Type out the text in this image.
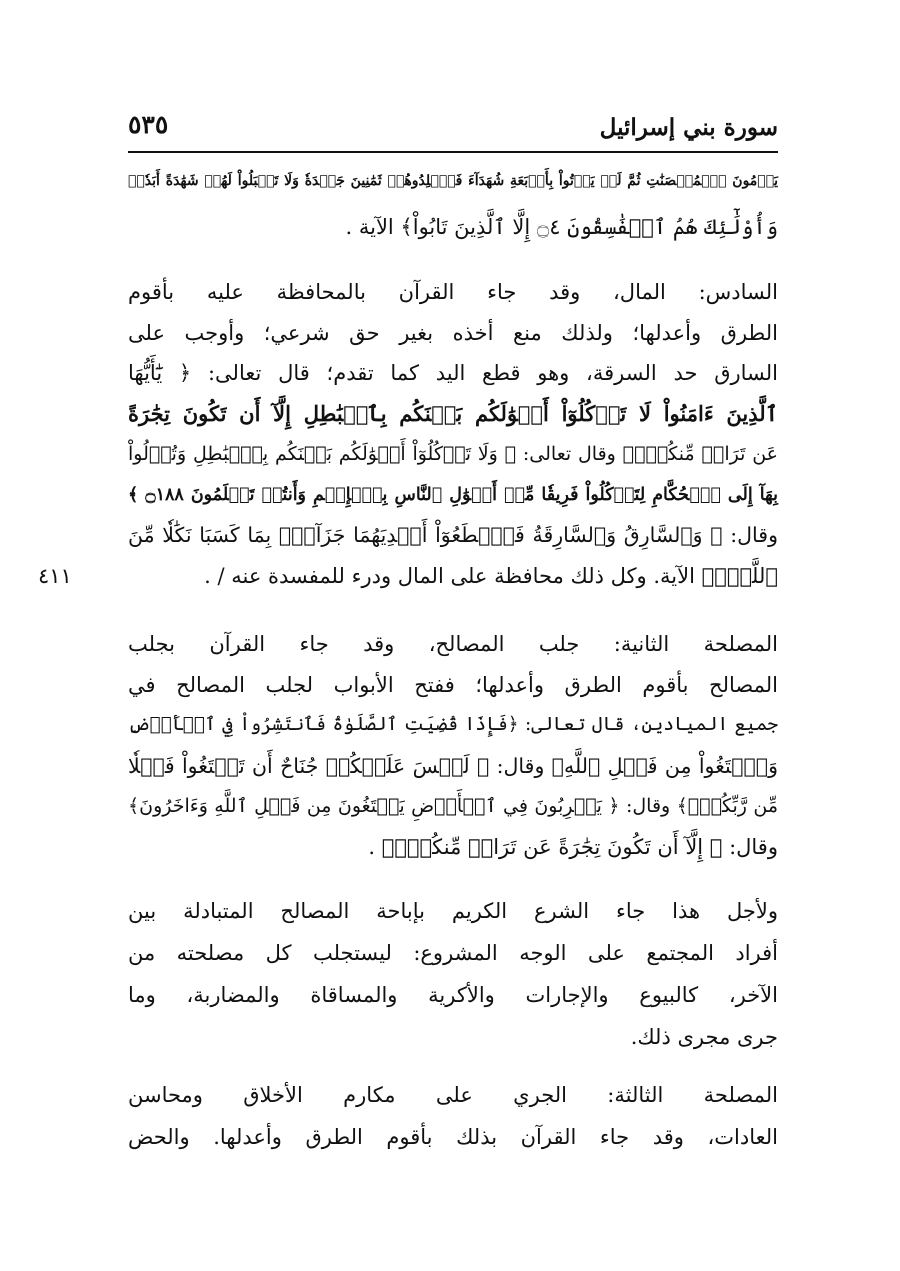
سورة بني إسرائيل
٥٣٥
٤١١
يَرۡمُونَ ٱلۡمُحۡصَنَٰتِ ثُمَّ لَمۡ يَأۡتُواْ بِأَرۡبَعَةِ شُهَدَآءَ فَٱجۡلِدُوهُمۡ ثَمَٰنِينَ جَلۡدَةٗ وَلَا تَقۡبَلُواْ لَهُمۡ شَهَٰدَةً أَبَدٗاۚ
وَأُوْلَٰٓئِكَ هُمُ ٱلۡفَٰسِقُونَ ۝٤ إِلَّا ٱلَّذِينَ تَابُواْ﴾ الآية .
السادس: المال، وقد جاء القرآن بالمحافظة عليه بأقوم
الطرق وأعدلها؛ ولذلك منع أخذه بغير حق شرعي؛ وأوجب على
السارق حد السرقة، وهو قطع اليد كما تقدم؛ قال تعالى: ﴿ يَٰٓأَيُّهَا
ٱلَّذِينَ ءَامَنُواْ لَا تَأۡكُلُوٓاْ أَمۡوَٰلَكُم بَيۡنَكُم بِٱلۡبَٰطِلِ إِلَّآ أَن تَكُونَ تِجَٰرَةً
عَن تَرَاضٖ مِّنكُمۡۚ﴾ وقال تعالى: ﴿ وَلَا تَأۡكُلُوٓاْ أَمۡوَٰلَكُم بَيۡنَكُم بِٱلۡبَٰطِلِ وَتُدۡلُواْ
بِهَآ إِلَى ٱلۡحُكَّامِ لِتَأۡكُلُواْ فَرِيقٗا مِّنۡ أَمۡوَٰلِ ٱلنَّاسِ بِٱلۡإِثۡمِ وَأَنتُمۡ تَعۡلَمُونَ ۝١٨٨ ﴾
وقال: ﴿ وَٱلسَّارِقُ وَٱلسَّارِقَةُ فَٱقۡطَعُوٓاْ أَيۡدِيَهُمَا جَزَآءَۢ بِمَا كَسَبَا نَكَٰلٗا مِّنَ
ٱللَّهِۗ﴾ الآية. وكل ذلك محافظة على المال ودرء للمفسدة عنه / .
المصلحة الثانية: جلب المصالح، وقد جاء القرآن بجلب
المصالح بأقوم الطرق وأعدلها؛ ففتح الأبواب لجلب المصالح في
جميع الميادين، قال تعالى: ﴿فَإِذَا قُضِيَتِ ٱلصَّلَوٰةُ فَٱنتَشِرُواْ فِي ٱلۡأَرۡضِ
وَٱبۡتَغُواْ مِن فَضۡلِ ٱللَّهِ﴾ وقال: ﴿ لَيۡسَ عَلَيۡكُمۡ جُنَاحٌ أَن تَبۡتَغُواْ فَضۡلٗا
مِّن رَّبِّكُمۡۚ﴾ وقال: ﴿ يَضۡرِبُونَ فِي ٱلۡأَرۡضِ يَبۡتَغُونَ مِن فَضۡلِ ٱللَّهِ وَءَاخَرُونَ﴾
وقال: ﴿ إِلَّآ أَن تَكُونَ تِجَٰرَةً عَن تَرَاضٖ مِّنكُمۡۚ﴾ .
ولأجل هذا جاء الشرع الكريم بإباحة المصالح المتبادلة بين
أفراد المجتمع على الوجه المشروع: ليستجلب كل مصلحته من
الآخر، كالبيوع والإجارات والأكرية والمساقاة والمضاربة، وما
جرى مجرى ذلك.
المصلحة الثالثة: الجري على مكارم الأخلاق ومحاسن
العادات، وقد جاء القرآن بذلك بأقوم الطرق وأعدلها. والحض
